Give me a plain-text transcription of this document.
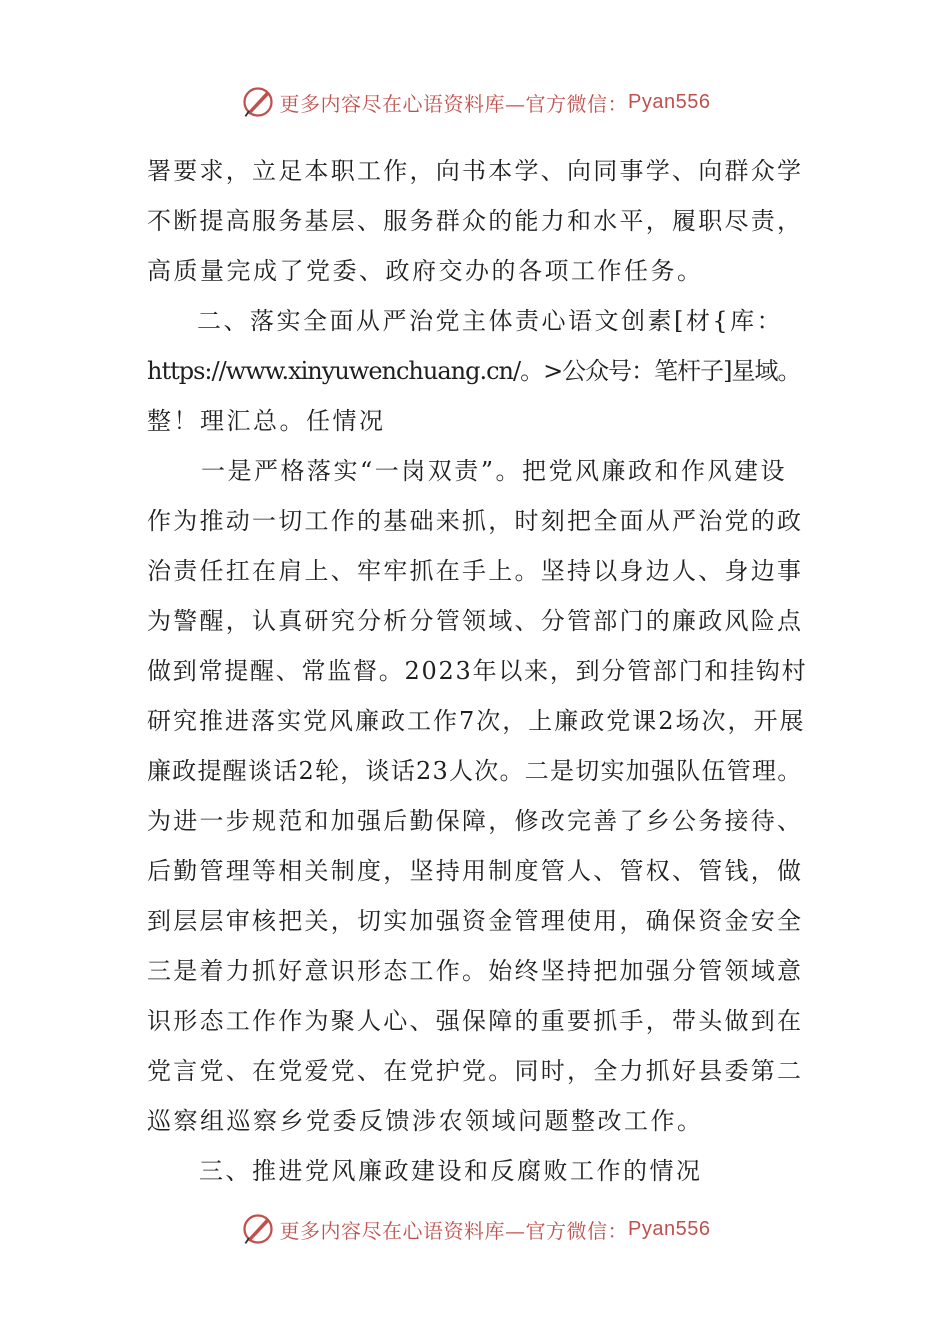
更多内容尽在心语资料库—官方微信： Pyan556
署要求，立足本职工作，向书本学、向同事学、向群众学
不断提高服务基层、服务群众的能力和水平，履职尽责，
高质量完成了党委、政府交办的各项工作任务。
二、落实全面从严治党主体责心语文创素[材{库：
https://www.xinyuwenchuang.cn/。>公众号：笔杆子]星域。
整！理汇总。任情况
一是严格落实“一岗双责”。把党风廉政和作风建设
作为推动一切工作的基础来抓，时刻把全面从严治党的政
治责任扛在肩上、牢牢抓在手上。坚持以身边人、身边事
为警醒，认真研究分析分管领域、分管部门的廉政风险点
做到常提醒、常监督。2023年以来，到分管部门和挂钩村
研究推进落实党风廉政工作7次，上廉政党课2场次，开展
廉政提醒谈话2轮，谈话23人次。二是切实加强队伍管理。
为进一步规范和加强后勤保障，修改完善了乡公务接待、
后勤管理等相关制度，坚持用制度管人、管权、管钱，做
到层层审核把关，切实加强资金管理使用，确保资金安全
三是着力抓好意识形态工作。始终坚持把加强分管领域意
识形态工作作为聚人心、强保障的重要抓手，带头做到在
党言党、在党爱党、在党护党。同时，全力抓好县委第二
巡察组巡察乡党委反馈涉农领域问题整改工作。
三、推进党风廉政建设和反腐败工作的情况
更多内容尽在心语资料库—官方微信： Pyan556
